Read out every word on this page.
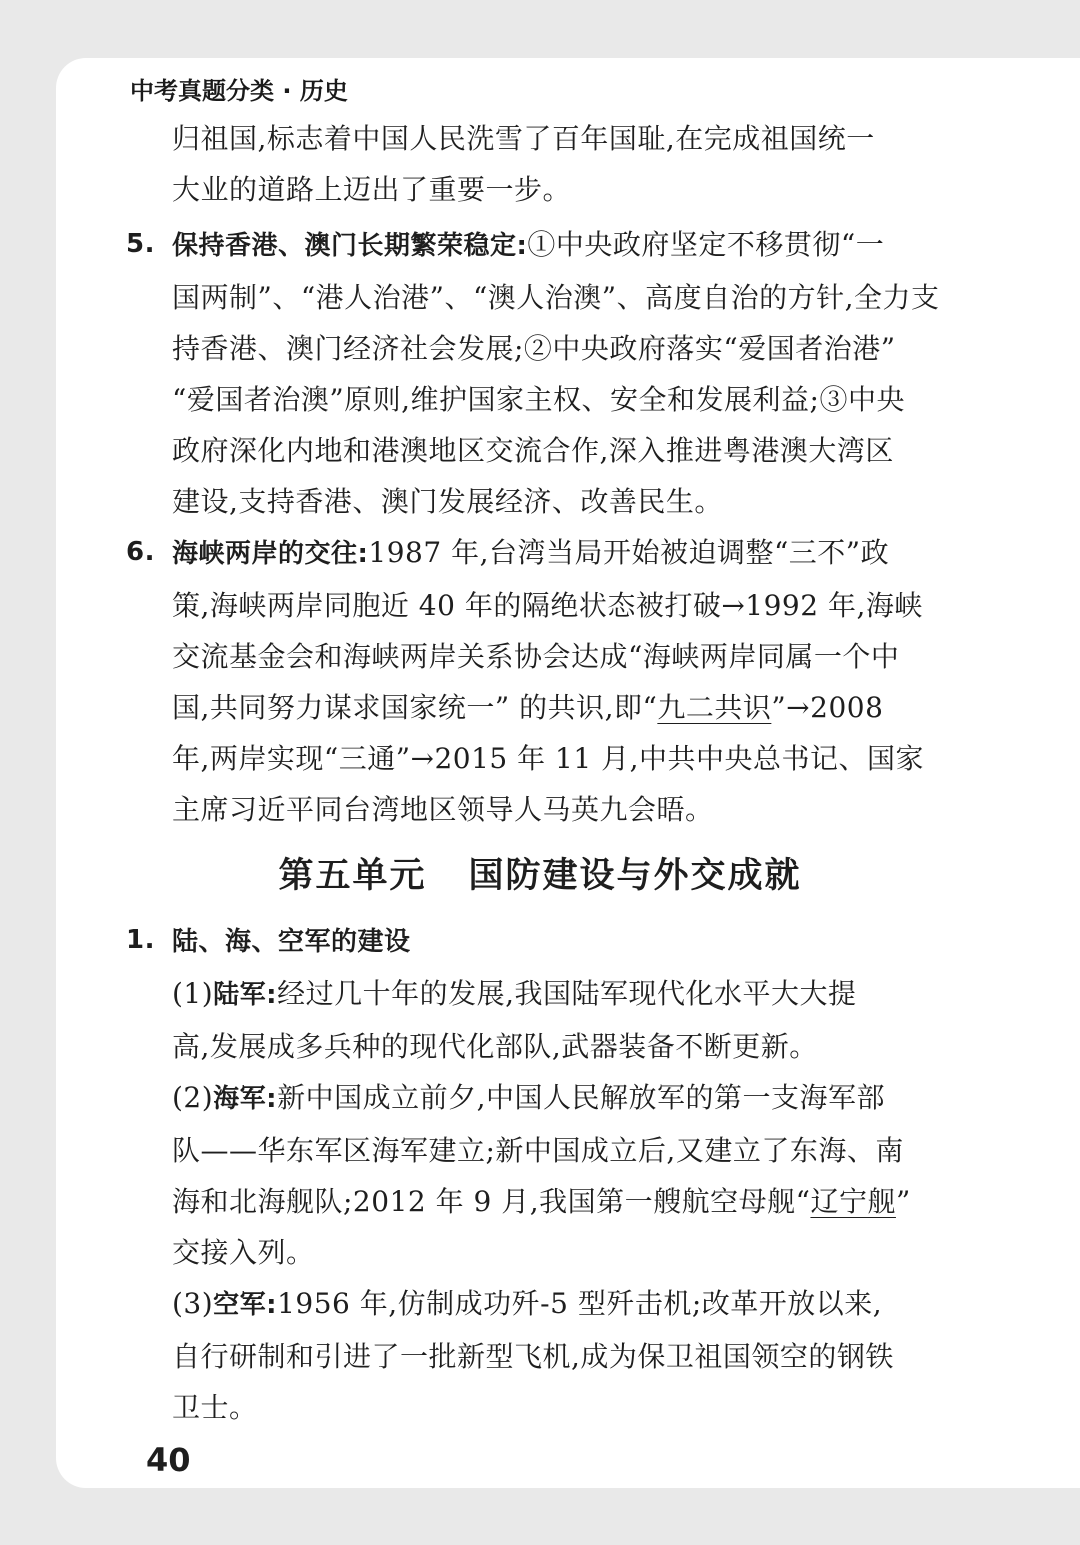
中考真题分类 · 历史

归祖国,标志着中国人民洗雪了百年国耻,在完成祖国统一

大业的道路上迈出了重要一步。

5. 保持香港、澳门长期繁荣稳定:①中央政府坚定不移贯彻“一

国两制”、“港人治港”、“澳人治澳”、高度自治的方针,全力支

持香港、澳门经济社会发展;②中央政府落实“爱国者治港”

“爱国者治澳”原则,维护国家主权、安全和发展利益;③中央

政府深化内地和港澳地区交流合作,深入推进粤港澳大湾区

建设,支持香港、澳门发展经济、改善民生。

6. 海峡两岸的交往:1987 年,台湾当局开始被迫调整“三不”政

策,海峡两岸同胞近 40 年的隔绝状态被打破→1992 年,海峡

交流基金会和海峡两岸关系协会达成“海峡两岸同属一个中

国,共同努力谋求国家统一” 的共识,即“九二共识”→2008

年,两岸实现“三通”→2015 年 11 月,中共中央总书记、国家

主席习近平同台湾地区领导人马英九会晤。

第五单元 国防建设与外交成就

1. 陆、海、空军的建设

(1)陆军:经过几十年的发展,我国陆军现代化水平大大提

高,发展成多兵种的现代化部队,武器装备不断更新。

(2)海军:新中国成立前夕,中国人民解放军的第一支海军部

队——华东军区海军建立;新中国成立后,又建立了东海、南

海和北海舰队;2012 年 9 月,我国第一艘航空母舰“辽宁舰”

交接入列。

(3)空军:1956 年,仿制成功歼-5 型歼击机;改革开放以来,

自行研制和引进了一批新型飞机,成为保卫祖国领空的钢铁

卫士。

40
